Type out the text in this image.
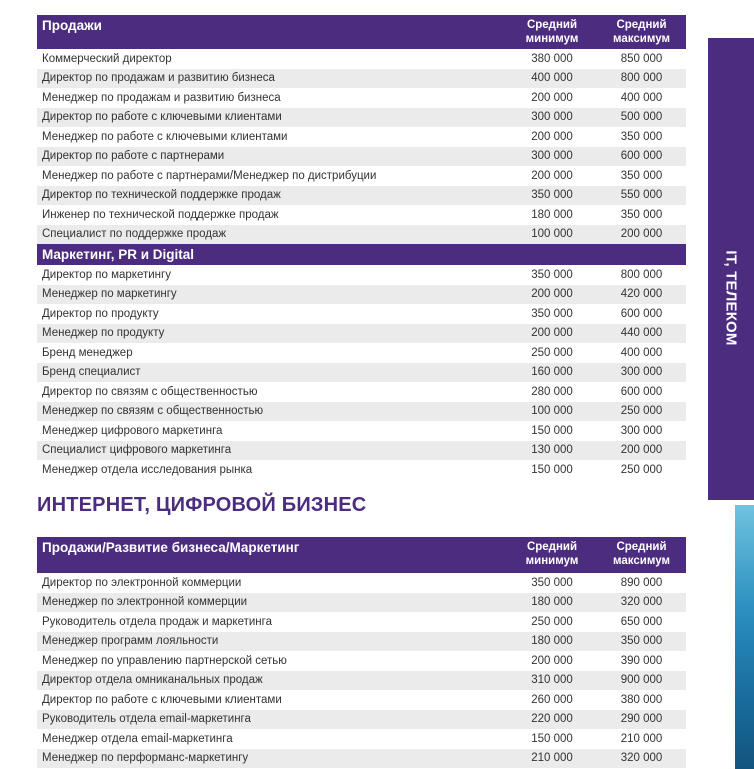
IT, ТЕЛЕКОМ
Продажи	Средний минимум	Средний максимум
Коммерческий директор	380 000	850 000
Директор по продажам и развитию бизнеса	400 000	800 000
Менеджер по продажам и развитию бизнеса	200 000	400 000
Директор по работе с ключевыми клиентами	300 000	500 000
Менеджер по работе с ключевыми клиентами	200 000	350 000
Директор по работе с партнерами	300 000	600 000
Менеджер по работе с партнерами/Менеджер по дистрибуции	200 000	350 000
Директор по технической поддержке продаж	350 000	550 000
Инженер по технической поддержке продаж	180 000	350 000
Специалист по поддержке продаж	100 000	200 000
Маркетинг, PR и Digital		
Директор по маркетингу	350 000	800 000
Менеджер по маркетингу	200 000	420 000
Директор по продукту	350 000	600 000
Менеджер по продукту	200 000	440 000
Бренд менеджер	250 000	400 000
Бренд специалист	160 000	300 000
Директор по связям с общественностью	280 000	600 000
Менеджер по связям с общественностью	100 000	250 000
Менеджер цифрового маркетинга	150 000	300 000
Специалист цифрового маркетинга	130 000	200 000
Менеджер отдела исследования рынка	150 000	250 000
ИНТЕРНЕТ, ЦИФРОВОЙ БИЗНЕС
Продажи/Развитие бизнеса/Маркетинг	Средний минимум	Средний максимум
Директор по электронной коммерции	350 000	890 000
Менеджер по электронной коммерции	180 000	320 000
Руководитель отдела продаж и маркетинга	250 000	650 000
Менеджер программ лояльности	180 000	350 000
Менеджер по управлению партнерской сетью	200 000	390 000
Директор отдела омниканальных продаж	310 000	900 000
Директор по работе с ключевыми клиентами	260 000	380 000
Руководитель отдела email-маркетинга	220 000	290 000
Менеджер отдела email-маркетинга	150 000	210 000
Менеджер по перформанс-маркетингу	210 000	320 000
